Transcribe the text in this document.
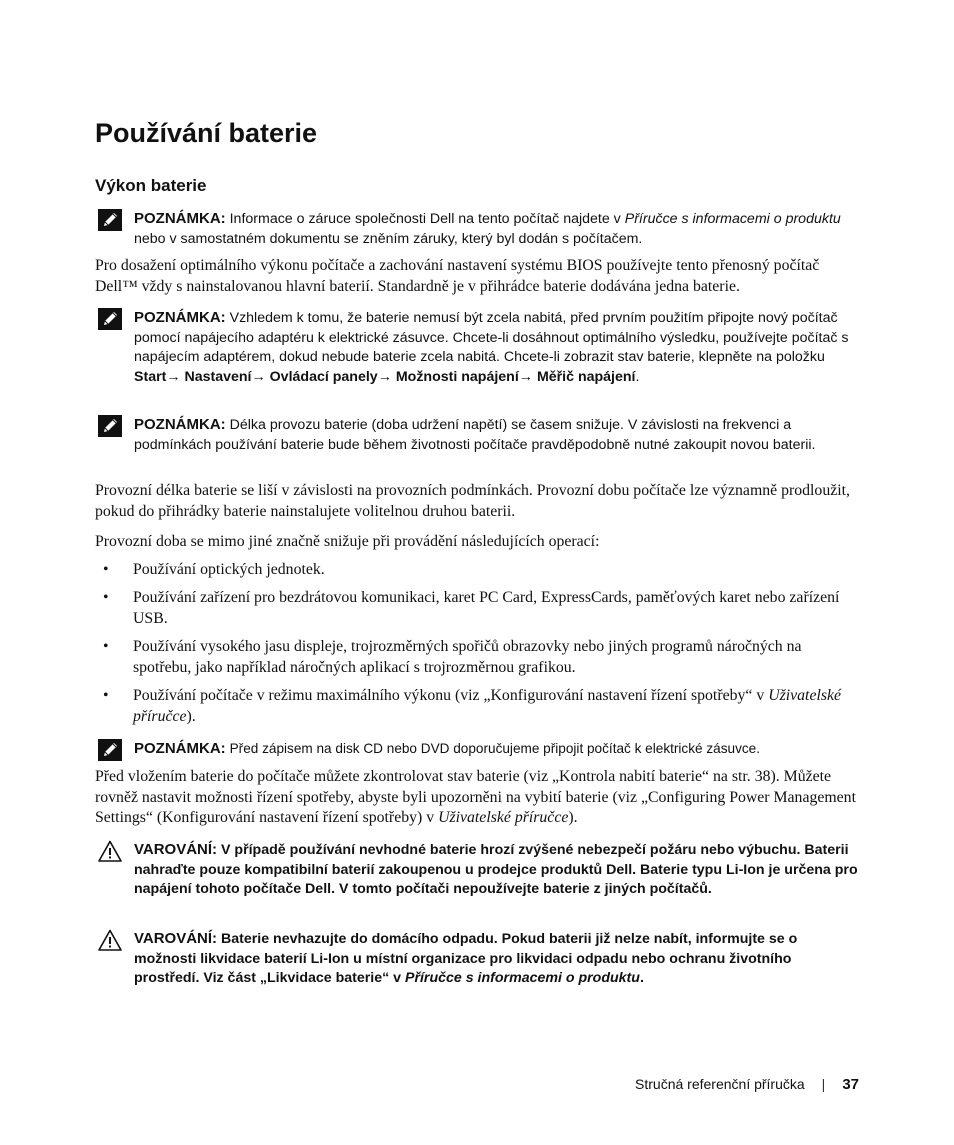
Používání baterie
Výkon baterie
POZNÁMKA: Informace o záruce společnosti Dell na tento počítač najdete v Příručce s informacemi o produktu nebo v samostatném dokumentu se zněním záruky, který byl dodán s počítačem.

Pro dosažení optimálního výkonu počítače a zachování nastavení systému BIOS používejte tento přenosný počítač Dell™ vždy s nainstalovanou hlavní baterií. Standardně je v přihrádce baterie dodávána jedna baterie.

POZNÁMKA: Vzhledem k tomu, že baterie nemusí být zcela nabitá, před prvním použitím připojte nový počítač pomocí napájecího adaptéru k elektrické zásuvce. Chcete-li dosáhnout optimálního výsledku, používejte počítač s napájecím adaptérem, dokud nebude baterie zcela nabitá. Chcete-li zobrazit stav baterie, klepněte na položku Start→ Nastavení→ Ovládací panely→ Možnosti napájení→ Měřič napájení.
POZNÁMKA: Délka provozu baterie (doba udržení napětí) se časem snižuje. V závislosti na frekvenci a podmínkách používání baterie bude během životnosti počítače pravděpodobně nutné zakoupit novou baterii.

Provozní délka baterie se liší v závislosti na provozních podmínkách. Provozní dobu počítače lze významně prodloužit, pokud do přihrádky baterie nainstalujete volitelnou druhou baterii.

Provozní doba se mimo jiné značně snižuje při provádění následujících operací:

• Používání optických jednotek.
• Používání zařízení pro bezdrátovou komunikaci, karet PC Card, ExpressCards, paměťových karet nebo zařízení USB.
• Používání vysokého jasu displeje, trojrozměrných spořičů obrazovky nebo jiných programů náročných na spotřebu, jako například náročných aplikací s trojrozměrnou grafikou.
• Používání počítače v režimu maximálního výkonu (viz „Konfigurování nastavení řízení spotřeby“ v Uživatelské příručce).
POZNÁMKA: Před zápisem na disk CD nebo DVD doporučujeme připojit počítač k elektrické zásuvce.

Před vložením baterie do počítače můžete zkontrolovat stav baterie (viz „Kontrola nabití baterie“ na str. 38). Můžete rovněž nastavit možnosti řízení spotřeby, abyste byli upozorněni na vybití baterie (viz „Configuring Power Management Settings“ (Konfigurování nastavení řízení spotřeby) v Uživatelské příručce).

VAROVÁNÍ: V případě používání nevhodné baterie hrozí zvýšené nebezpečí požáru nebo výbuchu. Baterii nahraďte pouze kompatibilní baterií zakoupenou u prodejce produktů Dell. Baterie typu Li-Ion je určena pro napájení tohoto počítače Dell. V tomto počítači nepoužívejte baterie z jiných počítačů.
VAROVÁNÍ: Baterie nevhazujte do domácího odpadu. Pokud baterii již nelze nabít, informujte se o možnosti likvidace baterií Li-Ion u místní organizace pro likvidaci odpadu nebo ochranu životního prostředí. Viz část „Likvidace baterie“ v Příručce s informacemi o produktu.
Stručná referenční příručka | 37
